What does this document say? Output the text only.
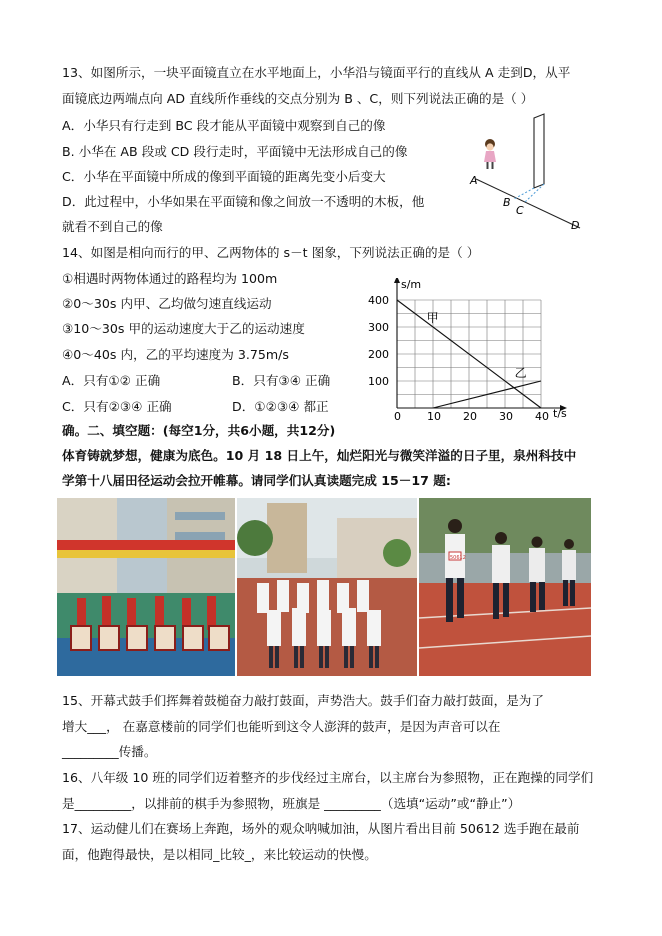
13、如图所示，一块平面镜直立在水平地面上，小华沿与镜面平行的直线从 A 走到D，从平
面镜底边两端点向 AD 直线所作垂线的交点分别为 B 、C，则下列说法正确的是（ ）
A．小华只有行走到 BC 段才能从平面镜中观察到自己的像
B. 小华在 AB 段或 CD 段行走时，平面镜中无法形成自己的像
C．小华在平面镜中所成的像到平面镜的距离先变小后变大
D．此过程中，小华如果在平面镜和像之间放一不透明的木板，他
就看不到自己的像
A
B
C
D
14、如图是相向而行的甲、乙两物体的 s－t 图象，下列说法正确的是（ ）
①相遇时两物体通过的路程均为 100m
②0～30s 内甲、乙均做匀速直线运动
③10～30s 甲的运动速度大于乙的运动速度
④0～40s 内，乙的平均速度为 3.75m/s
A．只有①② 正确	B．只有③④ 正确
C．只有②③④ 正确	D．①②③④ 都正
0 10 20 30 40
100
200
300
400
t/s
s/m
甲
乙
确。二、填空题：(每空1分，共6小题，共12分)
体育铸就梦想，健康为底色。10 月 18 日上午，灿烂阳光与微笑洋溢的日子里，泉州科技中
学第十八届田径运动会拉开帷幕。请同学们认真读题完成 15－17 题:
50612
15、开幕式鼓手们挥舞着鼓槌奋力敲打鼓面，声势浩大。鼓手们奋力敲打鼓面，是为了
增大___， 在嘉意楼前的同学们也能听到这令人澎湃的鼓声，是因为声音可以在
_________传播。
16、八年级 10 班的同学们迈着整齐的步伐经过主席台，以主席台为参照物，正在跑操的同学们
是_________，以排前的棋手为参照物，班旗是 _________（选填“运动”或“静止”）
17、运动健儿们在赛场上奔跑，场外的观众呐喊加油，从图片看出目前 50612 选手跑在最前
面，他跑得最快，是以相同_比较_，来比较运动的快慢。
